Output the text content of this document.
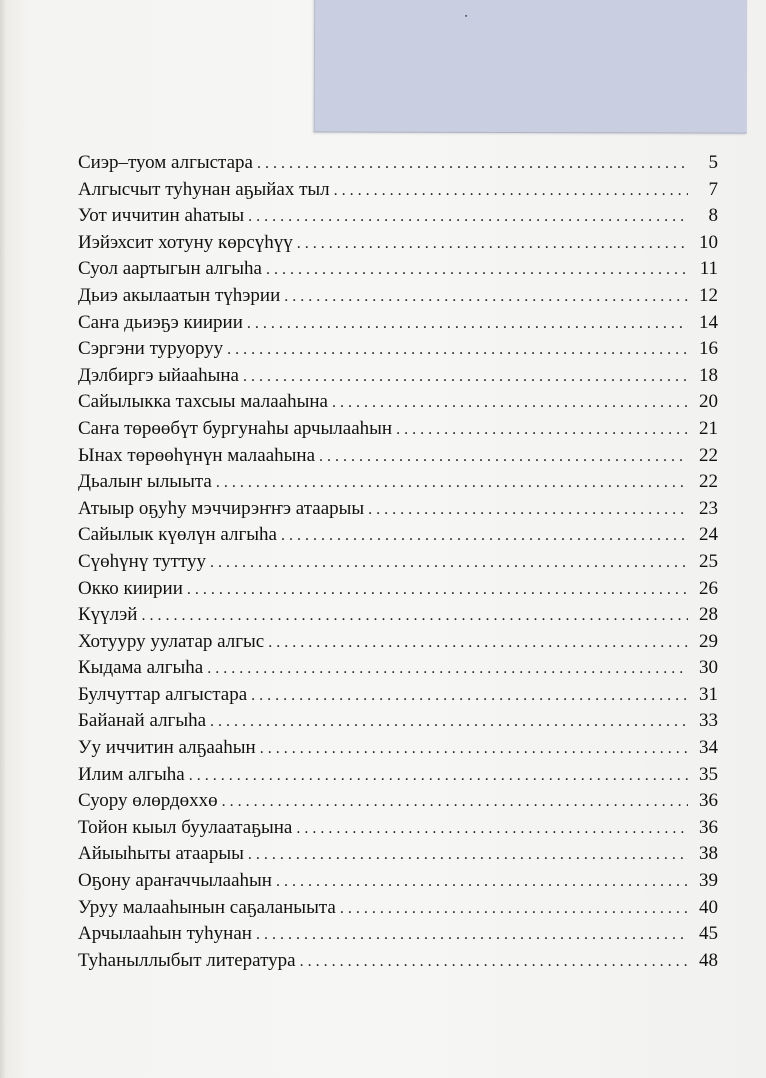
Сиэр–туом алгыстара . . .	5
Алгысчыт туһунан аҕыйах тыл . . .	7
Уот иччитин аһатыы . . .	8
Иэйэхсит хотуну көрсүһүү . . .	10
Суол аартыгын алгыһа . . .	11
Дьиэ акылаатын түһэрии . . .	12
Саҥа дьиэҕэ киирии . . .	14
Сэргэни туруоруу . . .	16
Дэлбиргэ ыйааһына . . .	18
Сайылыкка тахсыы малааһына . . .	20
Саҥа төрөөбүт бургунаһы арчылааһын . . .	21
Ынах төрөөһүнүн малааһына . . .	22
Дьалыҥ ылыыта . . .	22
Атыыр оҕуһу мэччирэҥҥэ атаарыы . . .	23
Сайылык күөлүн алгыһа . . .	24
Сүөһүнү туттуу . . .	25
Окко киирии . . .	26
Күүлэй . . .	28
Хотууру уулатар алгыс . . .	29
Кыдама алгыһа . . .	30
Булчуттар алгыстара . . .	31
Байанай алгыһа . . .	33
Уу иччитин алҕааһын . . .	34
Илим алгыһа . . .	35
Суору өлөрдөххө . . .	36
Тойон кыыл буулаатаҕына . . .	36
Айыыһыты атаарыы . . .	38
Оҕону араҥаччылааһын . . .	39
Уруу малааһынын саҕаланыыта . . .	40
Арчылааһын туһунан . . .	45
Туһаныллыбыт литература . . .	48
